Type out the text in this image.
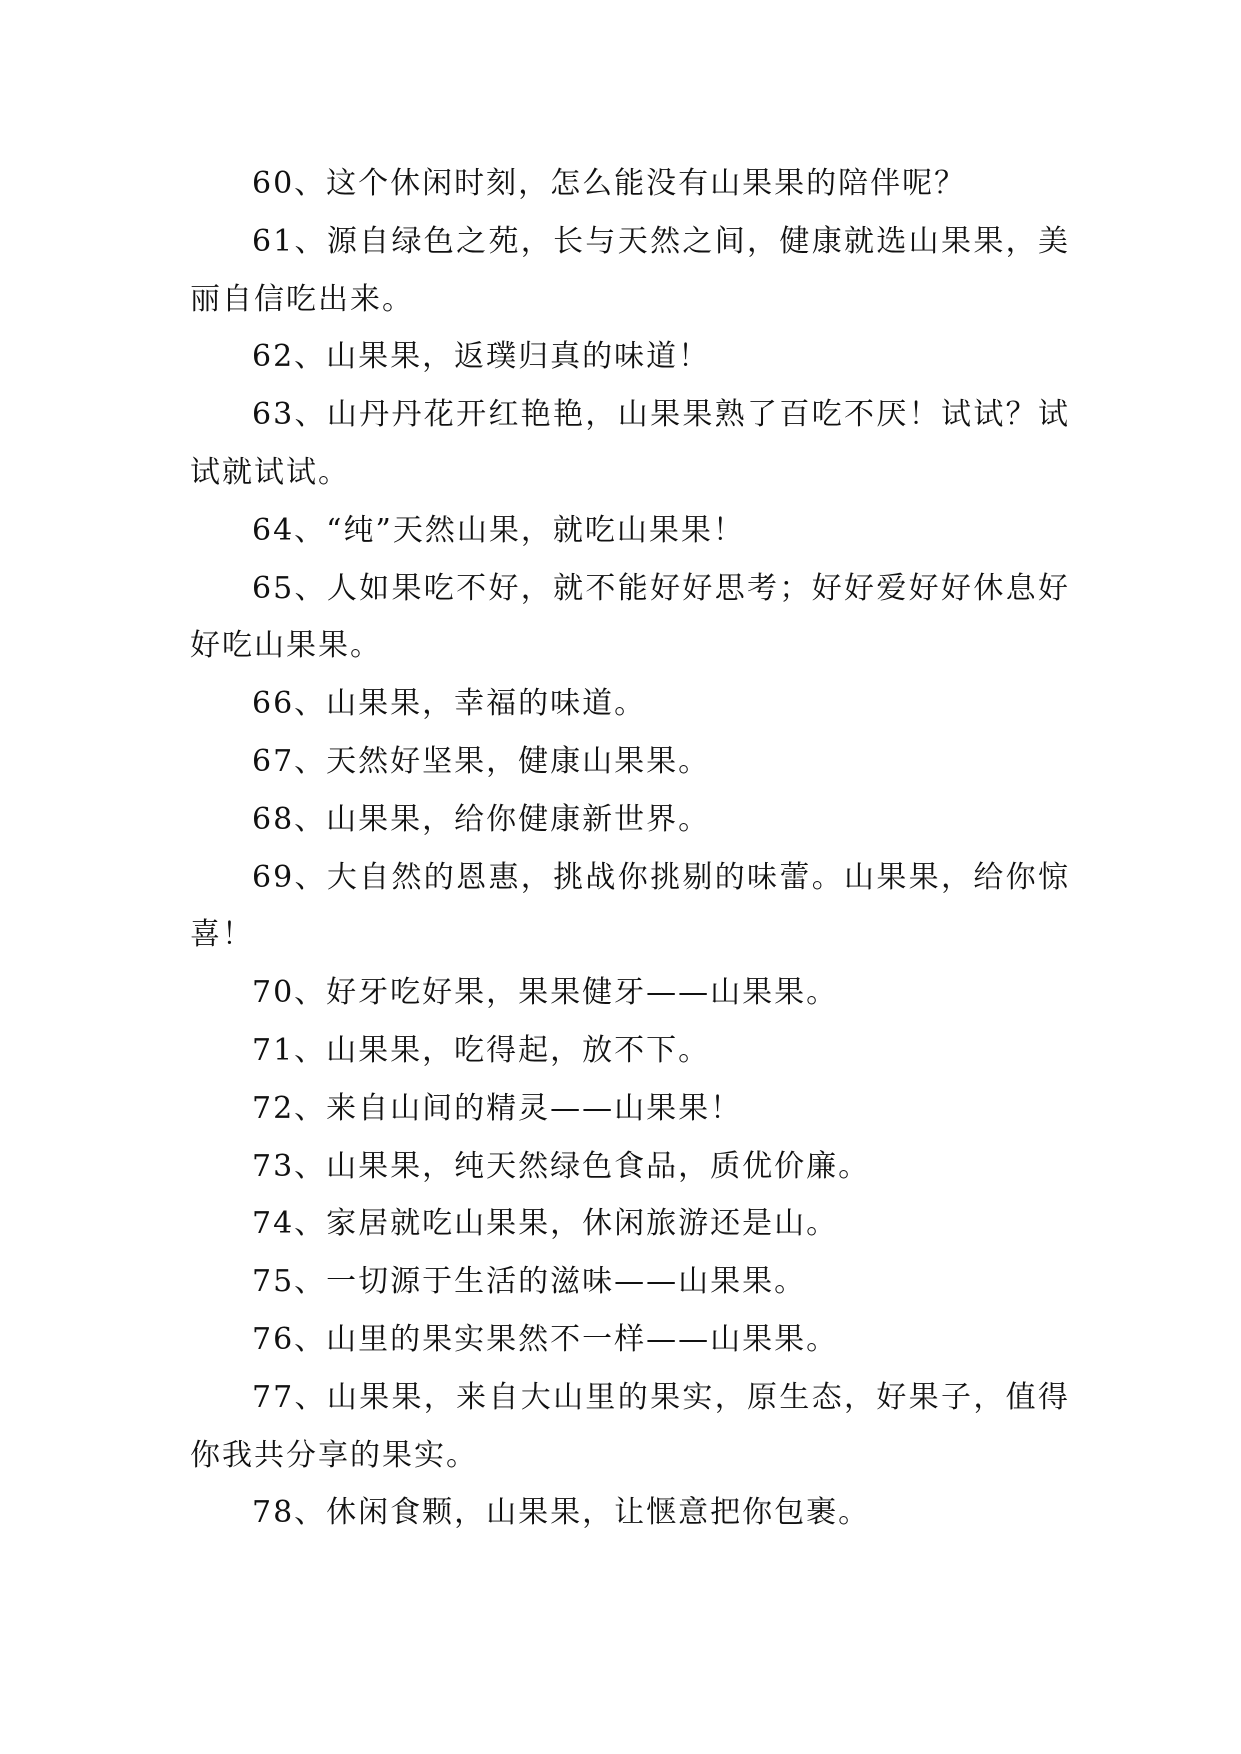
60、这个休闲时刻，怎么能没有山果果的陪伴呢？

61、源自绿色之苑，长与天然之间，健康就选山果果，美丽自信吃出来。

62、山果果，返璞归真的味道！

63、山丹丹花开红艳艳，山果果熟了百吃不厌！试试？试试就试试。

64、“纯”天然山果，就吃山果果！

65、人如果吃不好，就不能好好思考；好好爱好好休息好好吃山果果。

66、山果果，幸福的味道。

67、天然好坚果，健康山果果。

68、山果果，给你健康新世界。

69、大自然的恩惠，挑战你挑剔的味蕾。山果果，给你惊喜！

70、好牙吃好果，果果健牙——山果果。

71、山果果，吃得起，放不下。

72、来自山间的精灵——山果果！

73、山果果，纯天然绿色食品，质优价廉。

74、家居就吃山果果，休闲旅游还是山。

75、一切源于生活的滋味——山果果。

76、山里的果实果然不一样——山果果。

77、山果果，来自大山里的果实，原生态，好果子，值得你我共分享的果实。

78、休闲食颗，山果果，让惬意把你包裹。
